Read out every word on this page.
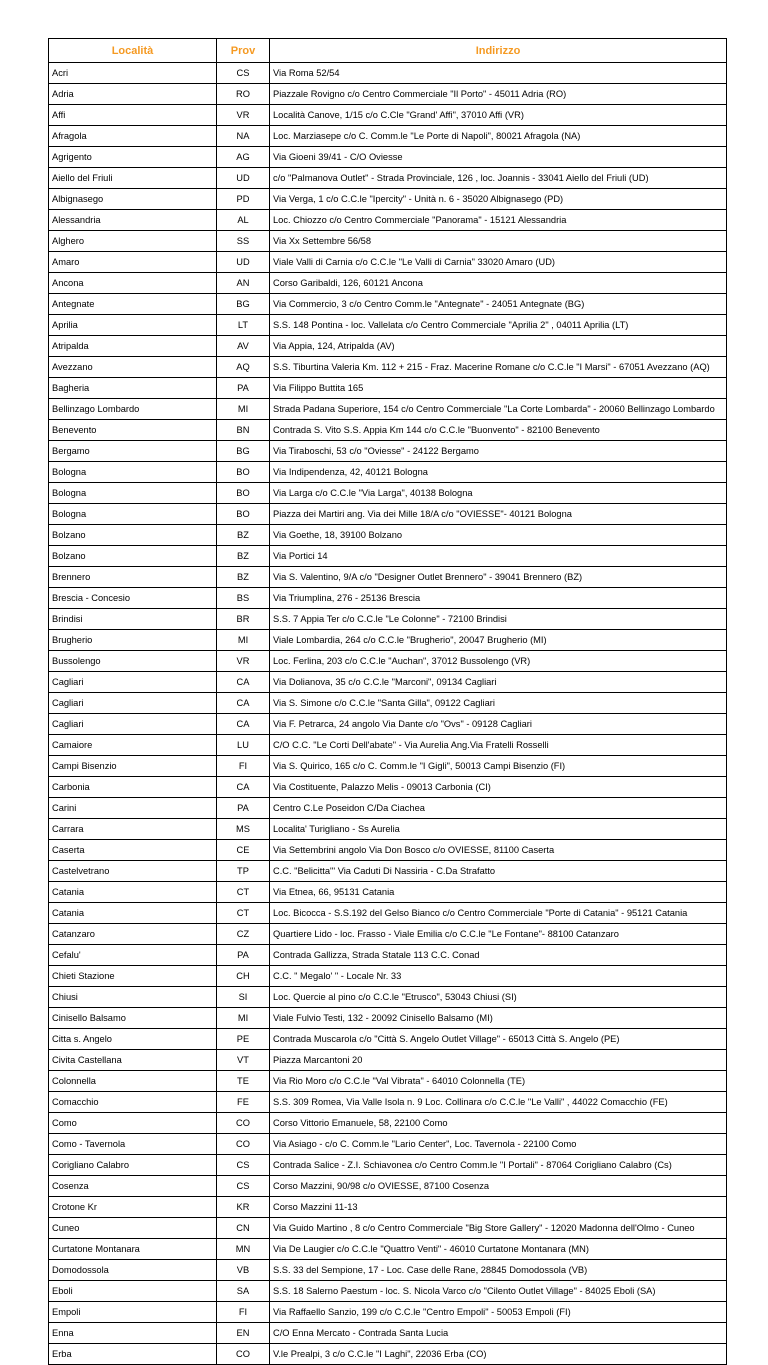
Località	Prov	Indirizzo
Acri	CS	Via Roma 52/54
Adria	RO	Piazzale Rovigno c/o Centro Commerciale "Il Porto" - 45011 Adria (RO)
Affi	VR	Località Canove, 1/15 c/o C.Cle "Grand' Affi", 37010 Affi (VR)
Afragola	NA	Loc. Marziasepe c/o C. Comm.le "Le Porte di Napoli", 80021 Afragola (NA)
Agrigento	AG	Via Gioeni 39/41 - C/O Oviesse
Aiello del Friuli	UD	c/o "Palmanova Outlet" - Strada Provinciale, 126 , loc. Joannis - 33041 Aiello del Friuli (UD)
Albignasego	PD	Via Verga, 1 c/o C.C.le "Ipercity" - Unità n. 6 - 35020 Albignasego (PD)
Alessandria	AL	Loc. Chiozzo c/o Centro Commerciale "Panorama" - 15121 Alessandria
Alghero	SS	Via Xx Settembre 56/58
Amaro	UD	Viale Valli di Carnia c/o C.C.le "Le Valli di Carnia" 33020 Amaro (UD)
Ancona	AN	Corso Garibaldi, 126, 60121 Ancona
Antegnate	BG	Via Commercio, 3 c/o Centro Comm.le "Antegnate" - 24051 Antegnate (BG)
Aprilia	LT	S.S. 148 Pontina - loc. Vallelata c/o Centro Commerciale "Aprilia 2" , 04011 Aprilia (LT)
Atripalda	AV	Via Appia, 124, Atripalda (AV)
Avezzano	AQ	S.S. Tiburtina Valeria Km. 112 + 215 - Fraz. Macerine Romane c/o C.C.le "I Marsi" - 67051 Avezzano (AQ)
Bagheria	PA	Via Filippo Buttita 165
Bellinzago Lombardo	MI	Strada Padana Superiore, 154 c/o Centro Commerciale "La Corte Lombarda" - 20060 Bellinzago Lombardo
Benevento	BN	Contrada S. Vito S.S. Appia Km 144 c/o C.C.le "Buonvento" - 82100 Benevento
Bergamo	BG	Via Tiraboschi, 53 c/o "Oviesse" - 24122 Bergamo
Bologna	BO	Via Indipendenza, 42, 40121 Bologna
Bologna	BO	Via Larga c/o C.C.le "Via Larga", 40138 Bologna
Bologna	BO	Piazza dei Martiri ang. Via dei Mille 18/A c/o "OVIESSE"- 40121 Bologna
Bolzano	BZ	Via Goethe, 18, 39100 Bolzano
Bolzano	BZ	Via Portici 14
Brennero	BZ	Via S. Valentino, 9/A c/o "Designer Outlet Brennero" - 39041 Brennero (BZ)
Brescia - Concesio	BS	Via Triumplina, 276 - 25136 Brescia
Brindisi	BR	S.S. 7 Appia Ter c/o C.C.le "Le Colonne" - 72100 Brindisi
Brugherio	MI	Viale Lombardia, 264 c/o C.C.le "Brugherio", 20047 Brugherio (MI)
Bussolengo	VR	Loc. Ferlina, 203 c/o C.C.le "Auchan", 37012 Bussolengo (VR)
Cagliari	CA	Via Dolianova, 35 c/o C.C.le "Marconi", 09134 Cagliari
Cagliari	CA	Via S. Simone c/o C.C.le "Santa Gilla", 09122 Cagliari
Cagliari	CA	Via F. Petrarca, 24 angolo Via Dante c/o "Ovs" - 09128 Cagliari
Camaiore	LU	C/O C.C. "Le Corti Dell'abate" - Via Aurelia Ang.Via Fratelli Rosselli
Campi Bisenzio	FI	Via S. Quirico, 165 c/o C. Comm.le "I Gigli", 50013 Campi Bisenzio (FI)
Carbonia	CA	Via Costituente, Palazzo Melis - 09013 Carbonia (CI)
Carini	PA	Centro C.Le Poseidon C/Da Ciachea
Carrara	MS	Localita' Turigliano - Ss Aurelia
Caserta	CE	Via Settembrini angolo Via Don Bosco c/o OVIESSE, 81100 Caserta
Castelvetrano	TP	C.C. "Belicitta"' Via Caduti Di Nassiria - C.Da Strafatto
Catania	CT	Via Etnea, 66, 95131 Catania
Catania	CT	Loc. Bicocca - S.S.192 del Gelso Bianco c/o Centro Commerciale "Porte di Catania" - 95121 Catania
Catanzaro	CZ	Quartiere Lido - loc. Frasso - Viale Emilia c/o C.C.le "Le Fontane"- 88100 Catanzaro
Cefalu'	PA	Contrada Gallizza, Strada Statale 113 C.C. Conad
Chieti Stazione	CH	C.C. " Megalo' " - Locale Nr. 33
Chiusi	SI	Loc. Quercie al pino c/o C.C.le "Etrusco", 53043 Chiusi (SI)
Cinisello Balsamo	MI	Viale Fulvio Testi, 132 - 20092 Cinisello Balsamo (MI)
Citta s. Angelo	PE	Contrada Muscarola c/o "Città S. Angelo Outlet Village" - 65013 Città S. Angelo (PE)
Civita Castellana	VT	Piazza Marcantoni 20
Colonnella	TE	Via Rio Moro c/o C.C.le "Val Vibrata" - 64010 Colonnella (TE)
Comacchio	FE	S.S. 309 Romea, Via Valle Isola n. 9 Loc. Collinara c/o C.C.le "Le Valli" , 44022 Comacchio (FE)
Como	CO	Corso Vittorio Emanuele, 58, 22100 Como
Como - Tavernola	CO	Via Asiago - c/o C. Comm.le "Lario Center", Loc. Tavernola - 22100 Como
Corigliano Calabro	CS	Contrada Salice - Z.I. Schiavonea c/o Centro Comm.le "I Portali" - 87064 Corigliano Calabro (Cs)
Cosenza	CS	Corso Mazzini, 90/98 c/o OVIESSE, 87100 Cosenza
Crotone Kr	KR	Corso Mazzini 11-13
Cuneo	CN	Via Guido Martino , 8 c/o Centro Commerciale "Big Store Gallery" - 12020 Madonna dell'Olmo - Cuneo
Curtatone Montanara	MN	Via De Laugier c/o C.C.le "Quattro Venti" - 46010 Curtatone Montanara (MN)
Domodossola	VB	S.S. 33 del Sempione, 17 - Loc. Case delle Rane, 28845 Domodossola (VB)
Eboli	SA	S.S. 18 Salerno Paestum - loc. S. Nicola Varco c/o "Cilento Outlet Village" - 84025 Eboli (SA)
Empoli	FI	Via Raffaello Sanzio, 199 c/o C.C.le "Centro Empoli" - 50053 Empoli (FI)
Enna	EN	C/O Enna Mercato - Contrada Santa Lucia
Erba	CO	V.le Prealpi, 3 c/o C.C.le "I Laghi", 22036 Erba (CO)
